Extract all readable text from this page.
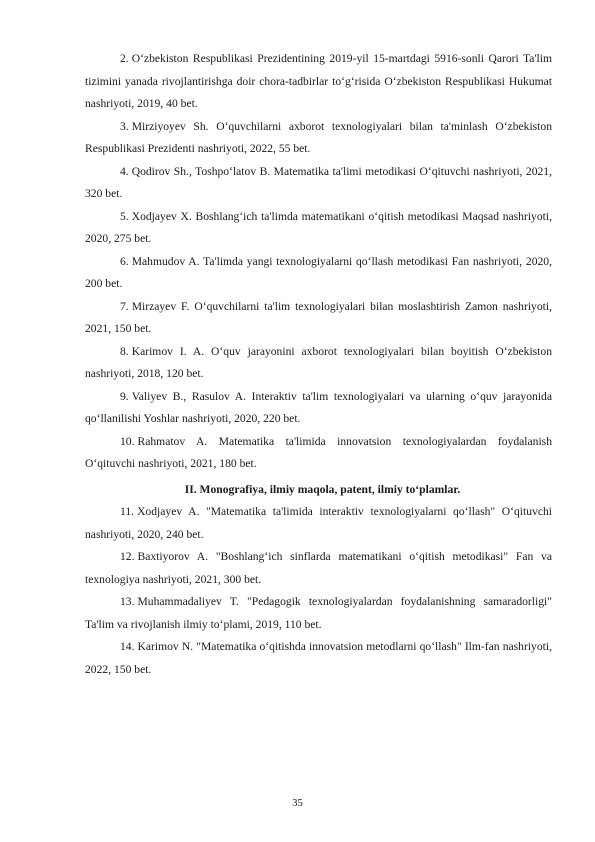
2. O‘zbekiston Respublikasi Prezidentining 2019-yil 15-martdagi 5916-sonli Qarori Ta'lim tizimini yanada rivojlantirishga doir chora-tadbirlar to‘g‘risida O‘zbekiston Respublikasi Hukumat nashriyoti, 2019, 40 bet.

3. Mirziyoyev Sh. O‘quvchilarni axborot texnologiyalari bilan ta'minlash O‘zbekiston Respublikasi Prezidenti nashriyoti, 2022, 55 bet.

4. Qodirov Sh., Toshpo‘latov B. Matematika ta'limi metodikasi O‘qituvchi nashriyoti, 2021, 320 bet.

5. Xodjayev X. Boshlang‘ich ta'limda matematikani o‘qitish metodikasi Maqsad nashriyoti, 2020, 275 bet.

6. Mahmudov A. Ta'limda yangi texnologiyalarni qo‘llash metodikasi Fan nashriyoti, 2020, 200 bet.

7. Mirzayev F. O‘quvchilarni ta'lim texnologiyalari bilan moslashtirish Zamon nashriyoti, 2021, 150 bet.

8. Karimov I. A. O‘quv jarayonini axborot texnologiyalari bilan boyitish O‘zbekiston nashriyoti, 2018, 120 bet.

9. Valiyev B., Rasulov A. Interaktiv ta'lim texnologiyalari va ularning o‘quv jarayonida qo‘llanilishi Yoshlar nashriyoti, 2020, 220 bet.

10. Rahmatov A. Matematika ta'limida innovatsion texnologiyalardan foydalanish O‘qituvchi nashriyoti, 2021, 180 bet.

II. Monografiya, ilmiy maqola, patent, ilmiy to‘plamlar.

11. Xodjayev A. "Matematika ta'limida interaktiv texnologiyalarni qo‘llash" O‘qituvchi nashriyoti, 2020, 240 bet.

12. Baxtiyorov A. "Boshlang‘ich sinflarda matematikani o‘qitish metodikasi" Fan va texnologiya nashriyoti, 2021, 300 bet.

13. Muhammadaliyev T. "Pedagogik texnologiyalardan foydalanishning samaradorligi" Ta'lim va rivojlanish ilmiy to‘plami, 2019, 110 bet.

14. Karimov N. "Matematika o‘qitishda innovatsion metodlarni qo‘llash" Ilm-fan nashriyoti, 2022, 150 bet.

35
